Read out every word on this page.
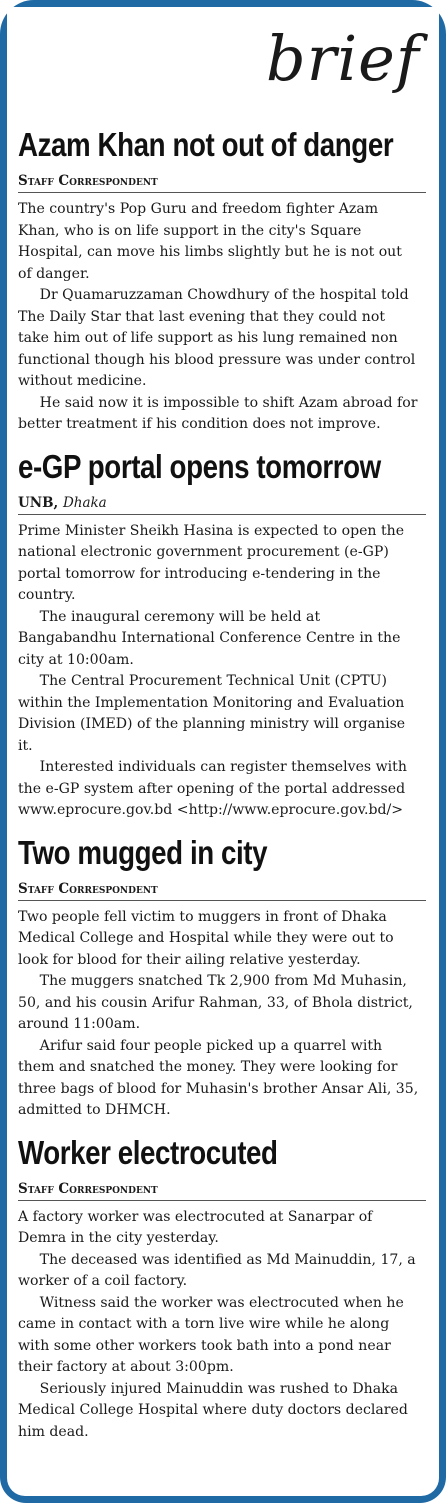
NEWS IN brief
Azam Khan not out of danger
Staff Correspondent

The country's Pop Guru and freedom fighter Azam Khan, who is on life support in the city's Square Hospital, can move his limbs slightly but he is not out of danger.

Dr Quamaruzzaman Chowdhury of the hospital told The Daily Star that last evening that they could not take him out of life support as his lung remained non functional though his blood pressure was under control without medicine.

He said now it is impossible to shift Azam abroad for better treatment if his condition does not improve.

e-GP portal opens tomorrow
UNB, Dhaka

Prime Minister Sheikh Hasina is expected to open the national electronic government procurement (e-GP) portal tomorrow for introducing e-tendering in the country.

The inaugural ceremony will be held at Bangabandhu International Conference Centre in the city at 10:00am.

The Central Procurement Technical Unit (CPTU) within the Implementation Monitoring and Evaluation Division (IMED) of the planning ministry will organise it.

Interested individuals can register themselves with the e-GP system after opening of the portal addressed www.eprocure.gov.bd <http://www.eprocure.gov.bd/>

Two mugged in city
Staff Correspondent

Two people fell victim to muggers in front of Dhaka Medical College and Hospital while they were out to look for blood for their ailing relative yesterday.

The muggers snatched Tk 2,900 from Md Muhasin, 50, and his cousin Arifur Rahman, 33, of Bhola district, around 11:00am.

Arifur said four people picked up a quarrel with them and snatched the money. They were looking for three bags of blood for Muhasin's brother Ansar Ali, 35, admitted to DHMCH.

Worker electrocuted
Staff Correspondent

A factory worker was electrocuted at Sanarpar of Demra in the city yesterday.

The deceased was identified as Md Mainuddin, 17, a worker of a coil factory.

Witness said the worker was electrocuted when he came in contact with a torn live wire while he along with some other workers took bath into a pond near their factory at about 3:00pm.

Seriously injured Mainuddin was rushed to Dhaka Medical College Hospital where duty doctors declared him dead.
